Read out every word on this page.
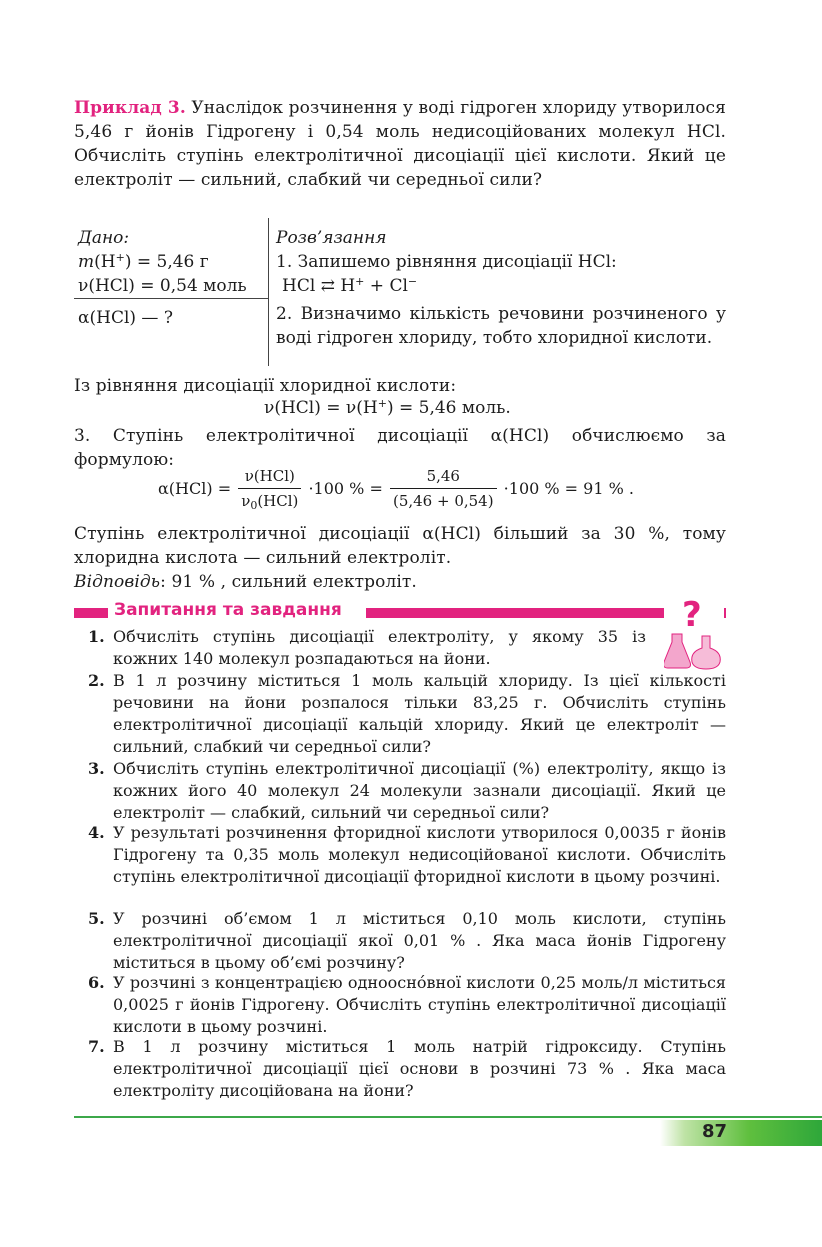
Приклад 3. Унаслідок розчинення у воді гідроген хлориду утворилося 5,46 г йонів Гідрогену і 0,54 моль недисоційованих молекул HCl. Обчисліть ступінь електролітичної дисоціації цієї кислоти. Який це електроліт — сильний, слабкий чи середньої сили?
Дано:
m(H+) = 5,46 г
ν(HCl) = 0,54 моль
α(HCl) — ?
Розв’язання
1. Запишемо рівняння дисоціації HCl:
HCl ⇄ H+ + Cl−
2. Визначимо кількість речовини розчиненого у воді гідроген хлориду, тобто хлоридної кислоти.
Із рівняння дисоціації хлоридної кислоти:
ν(HCl) = ν(H+) = 5,46 моль.
3. Ступінь електролітичної дисоціації α(HCl) обчислюємо за формулою:
$\alpha(HCl) = \frac{\text{ν(HCl)}}{\nu_0(HCl)} \cdot 100$ % = $\frac{5,46}{(5,46 + 0,54)} \cdot 100$ % = 91 % .
Ступінь електролітичної дисоціації α(HCl) більший за 30 %, тому хлоридна кислота — сильний електроліт.
Відповідь: 91 % , сильний електроліт.
Запитання та завдання	?
1. Обчисліть ступінь дисоціації електроліту, у якому 35 із кожних 140 молекул розпадаються на йони.
2. В 1 л розчину міститься 1 моль кальцій хлориду. Із цієї кількості речовини на йони розпалося тільки 83,25 г. Обчисліть ступінь електролітичної дисоціації кальцій хлориду. Який це електроліт — сильний, слабкий чи середньої сили?
3. Обчисліть ступінь електролітичної дисоціації (%) електроліту, якщо із кожних його 40 молекул 24 молекули зазнали дисоціації. Який це електроліт — слабкий, сильний чи середньої сили?
4. У результаті розчинення фторидної кислоти утворилося 0,0035 г йонів Гідрогену та 0,35 моль молекул недисоційованої кислоти. Обчисліть ступінь електролітичної дисоціації фторидної кислоти в цьому розчині.
5. У розчині об’ємом 1 л міститься 0,10 моль кислоти, ступінь електролітичної дисоціації якої 0,01 % . Яка маса йонів Гідрогену міститься в цьому об’ємі розчину?
6. У розчині з концентрацією одноосно́вної кислоти 0,25 моль/л міститься 0,0025 г йонів Гідрогену. Обчисліть ступінь електролітичної дисоціації кислоти в цьому розчині.
7. В 1 л розчину міститься 1 моль натрій гідроксиду. Ступінь електролітичної дисоціації цієї основи в розчині 73 % . Яка маса електроліту дисоційована на йони?
87
